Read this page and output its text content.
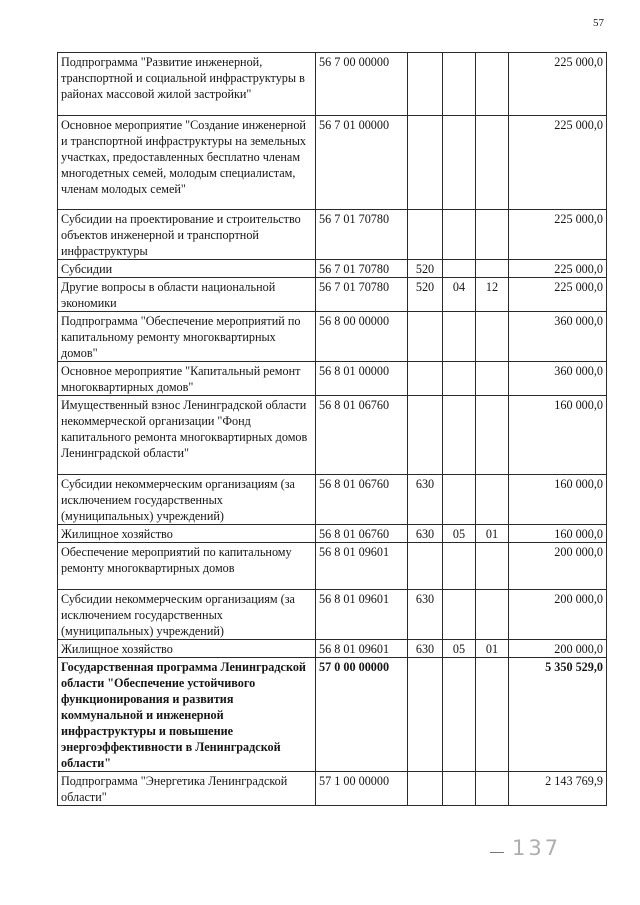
57
Подпрограмма "Развитие инженерной, транспортной и социальной инфраструктуры в районах массовой жилой застройки"	56 7 00 00000				225 000,0
Основное мероприятие "Создание инженерной и транспортной инфраструктуры на земельных участках, предоставленных бесплатно членам многодетных семей, молодым специалистам, членам молодых семей"	56 7 01 00000				225 000,0
Субсидии на проектирование и строительство объектов инженерной и транспортной инфраструктуры	56 7 01 70780				225 000,0
Субсидии	56 7 01 70780	520			225 000,0
Другие вопросы в области национальной экономики	56 7 01 70780	520	04	12	225 000,0
Подпрограмма "Обеспечение мероприятий по капитальному ремонту многоквартирных домов"	56 8 00 00000				360 000,0
Основное мероприятие "Капитальный ремонт многоквартирных домов"	56 8 01 00000				360 000,0
Имущественный взнос Ленинградской области некоммерческой организации "Фонд капитального ремонта многоквартирных домов Ленинградской области"	56 8 01 06760				160 000,0
Субсидии некоммерческим организациям (за исключением государственных (муниципальных) учреждений)	56 8 01 06760	630			160 000,0
Жилищное хозяйство	56 8 01 06760	630	05	01	160 000,0
Обеспечение мероприятий по капитальному ремонту многоквартирных домов	56 8 01 09601				200 000,0
Субсидии некоммерческим организациям (за исключением государственных (муниципальных) учреждений)	56 8 01 09601	630			200 000,0
Жилищное хозяйство	56 8 01 09601	630	05	01	200 000,0
Государственная программа Ленинградской области "Обеспечение устойчивого функционирования и развития коммунальной и инженерной инфраструктуры и повышение энергоэффективности в Ленинградской области"	57 0 00 00000				5 350 529,0
Подпрограмма "Энергетика Ленинградской области"	57 1 00 00000				2 143 769,9
137
